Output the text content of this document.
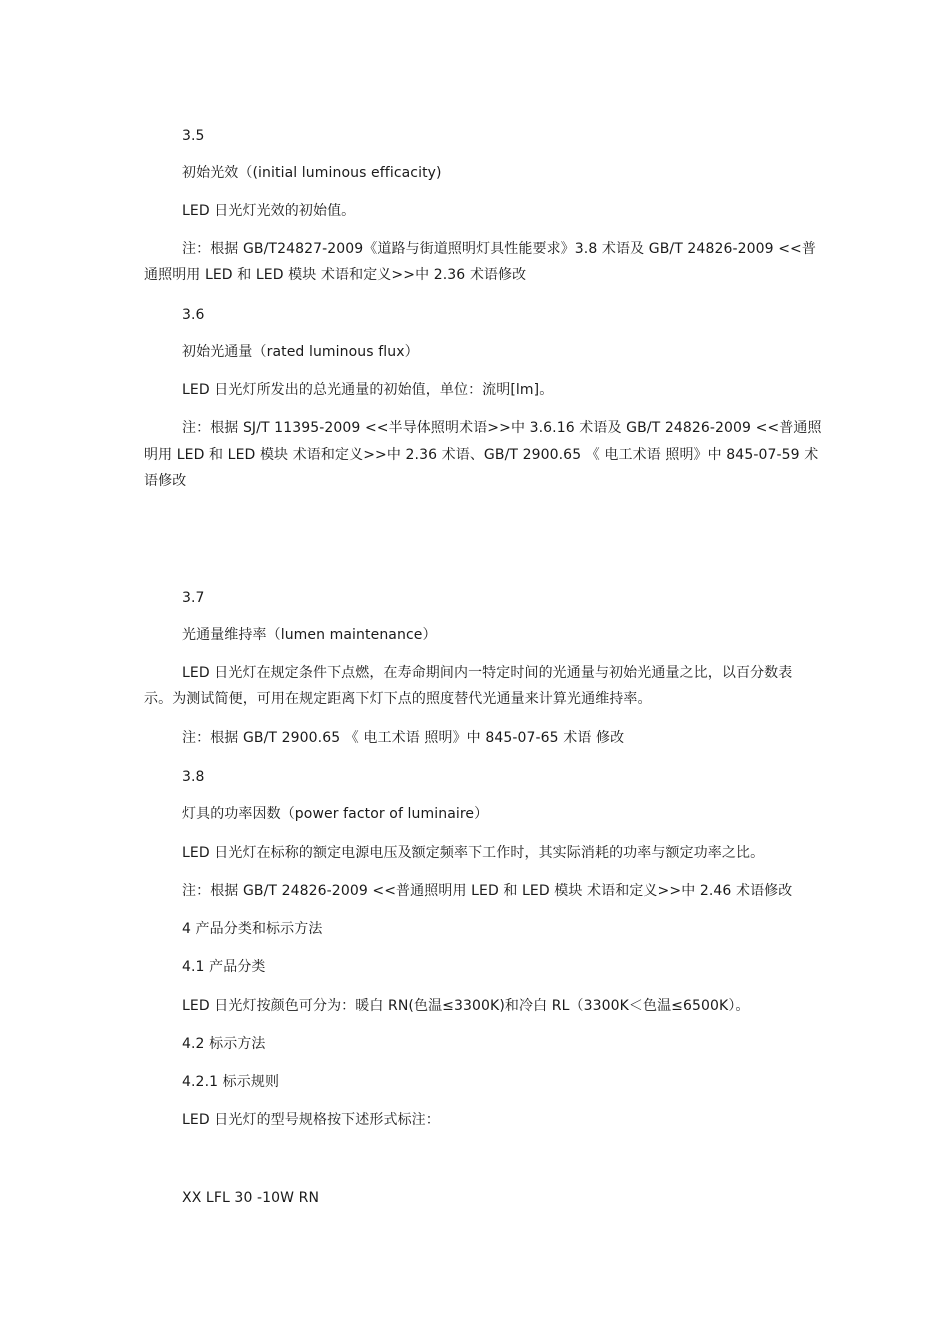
3.5
初始光效（(initial luminous efficacity)
LED 日光灯光效的初始值。
注：根据 GB/T24827-2009《道路与街道照明灯具性能要求》3.8 术语及 GB/T 24826-2009 <<普
通照明用 LED 和 LED 模块 术语和定义>>中 2.36 术语修改
3.6
初始光通量（rated luminous flux）
LED 日光灯所发出的总光通量的初始值，单位：流明[lm]。
注：根据 SJ/T 11395-2009 <<半导体照明术语>>中 3.6.16 术语及 GB/T 24826-2009 <<普通照
明用 LED 和 LED 模块 术语和定义>>中 2.36 术语、GB/T 2900.65 《 电工术语 照明》中 845-07-59 术
语修改
3.7
光通量维持率（lumen maintenance）
LED 日光灯在规定条件下点燃，在寿命期间内一特定时间的光通量与初始光通量之比，以百分数表
示。为测试简便，可用在规定距离下灯下点的照度替代光通量来计算光通维持率。
注：根据 GB/T 2900.65 《 电工术语 照明》中 845-07-65 术语 修改
3.8
灯具的功率因数（power factor of luminaire）
LED 日光灯在标称的额定电源电压及额定频率下工作时，其实际消耗的功率与额定功率之比。
注：根据 GB/T 24826-2009 <<普通照明用 LED 和 LED 模块 术语和定义>>中 2.46 术语修改
4 产品分类和标示方法
4.1 产品分类
LED 日光灯按颜色可分为：暖白 RN(色温≤3300K)和冷白 RL（3300K＜色温≤6500K）。
4.2 标示方法
4.2.1 标示规则
LED 日光灯的型号规格按下述形式标注：
XX LFL 30 -10W RN
